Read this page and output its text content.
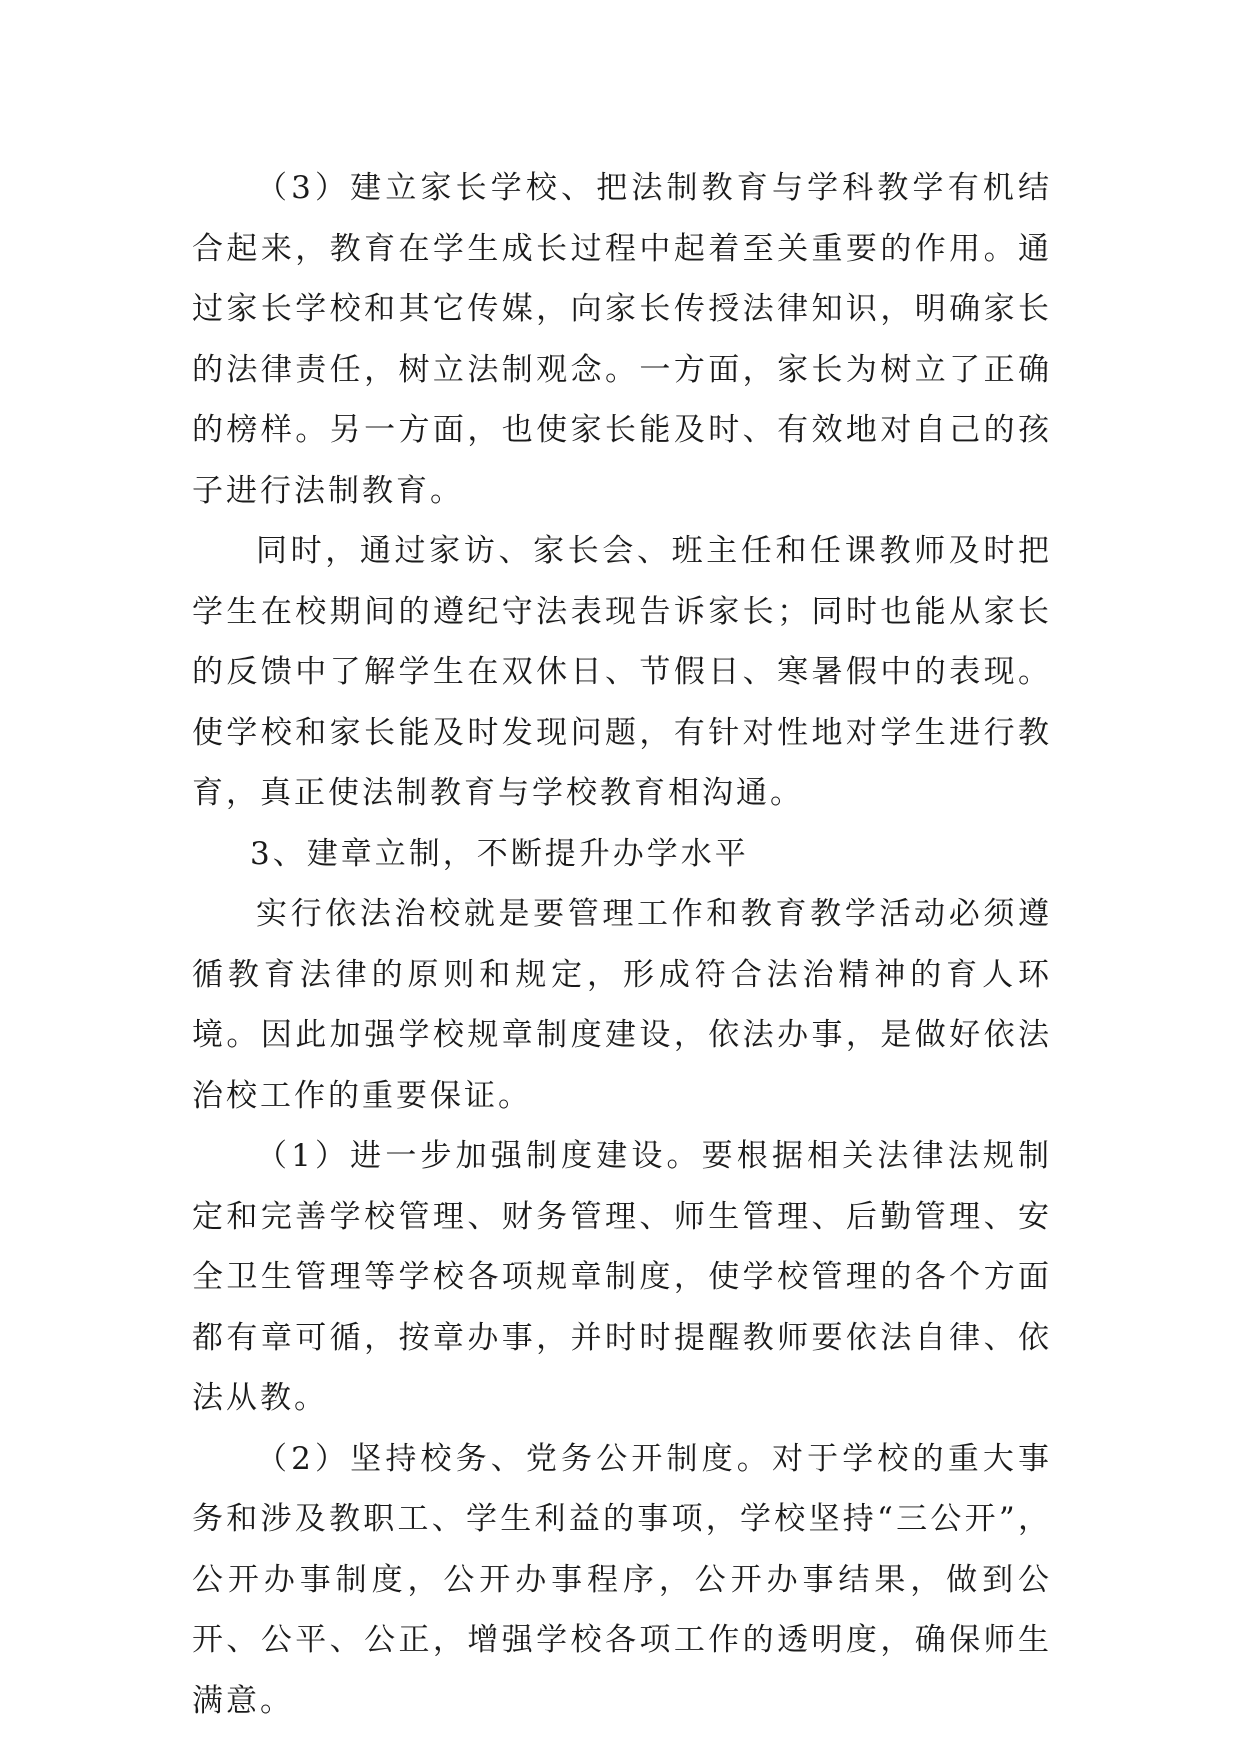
（3）建立家长学校、把法制教育与学科教学有机结合起来，教育在学生成长过程中起着至关重要的作用。通过家长学校和其它传媒，向家长传授法律知识，明确家长的法律责任，树立法制观念。一方面，家长为树立了正确的榜样。另一方面，也使家长能及时、有效地对自己的孩子进行法制教育。

同时，通过家访、家长会、班主任和任课教师及时把学生在校期间的遵纪守法表现告诉家长；同时也能从家长的反馈中了解学生在双休日、节假日、寒暑假中的表现。使学校和家长能及时发现问题，有针对性地对学生进行教育，真正使法制教育与学校教育相沟通。

3、建章立制，不断提升办学水平

实行依法治校就是要管理工作和教育教学活动必须遵循教育法律的原则和规定，形成符合法治精神的育人环境。因此加强学校规章制度建设，依法办事，是做好依法治校工作的重要保证。

（1）进一步加强制度建设。要根据相关法律法规制定和完善学校管理、财务管理、师生管理、后勤管理、安全卫生管理等学校各项规章制度，使学校管理的各个方面都有章可循，按章办事，并时时提醒教师要依法自律、依法从教。

（2）坚持校务、党务公开制度。对于学校的重大事务和涉及教职工、学生利益的事项，学校坚持“三公开”，公开办事制度，公开办事程序，公开办事结果，做到公开、公平、公正，增强学校各项工作的透明度，确保师生满意。
